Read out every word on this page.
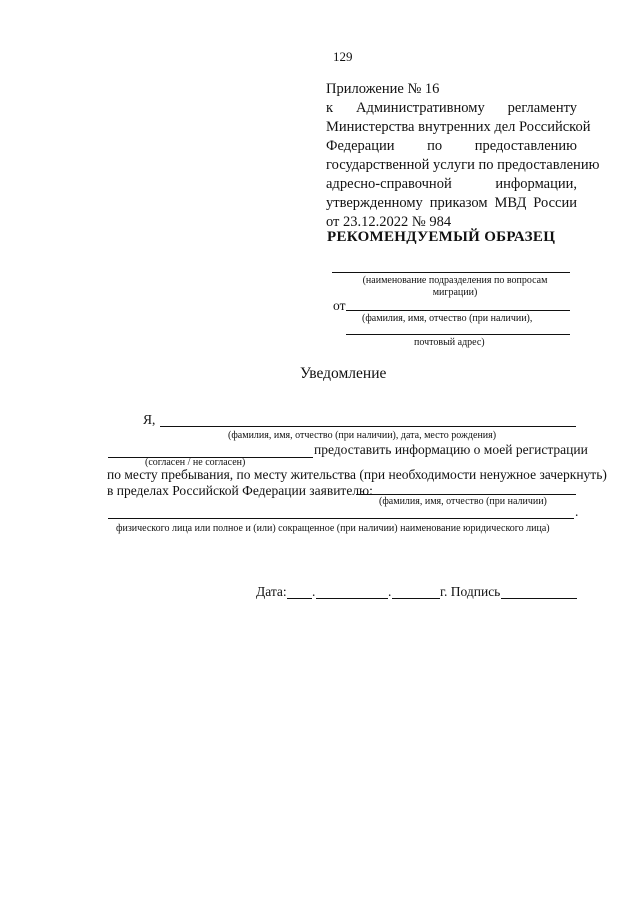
129
Приложение № 16
к Административному регламенту
Министерства внутренних дел Российской
Федерации по предоставлению
государственной услуги по предоставлению
адресно-справочной информации,
утвержденному приказом МВД России
от 23.12.2022 № 984
РЕКОМЕНДУЕМЫЙ ОБРАЗЕЦ
(наименование подразделения по вопросам миграции)
от
(фамилия, имя, отчество (при наличии),
почтовый адрес)
Уведомление
Я,
(фамилия, имя, отчество (при наличии), дата, место рождения)
предоставить информацию о моей регистрации
(согласен / не согласен)
по месту пребывания, по месту жительства (при необходимости ненужное зачеркнуть)
в пределах Российской Федерации заявителю:
(фамилия, имя, отчество (при наличии)
.
физического лица или полное и (или) сокращенное (при наличии) наименование юридического лица)
Дата: .	.	г. Подпись
